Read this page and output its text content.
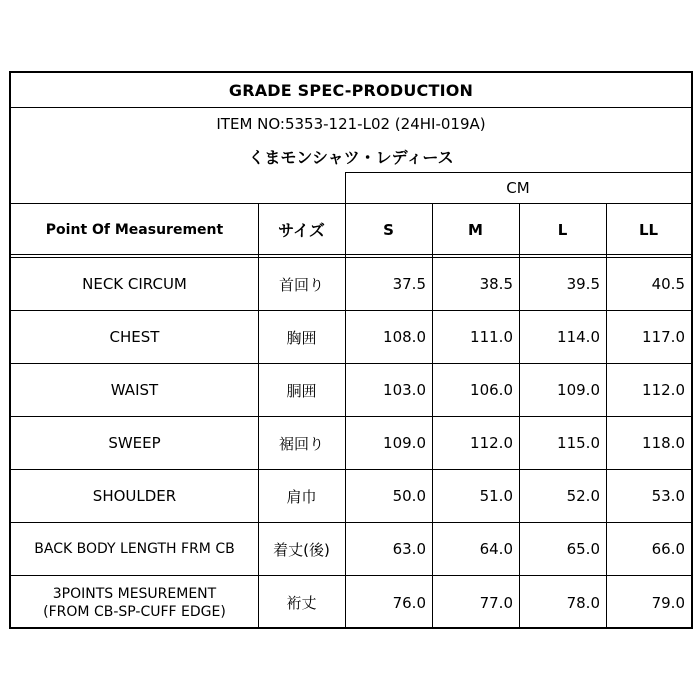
GRADE SPEC-PRODUCTION
ITEM NO:5353-121-L02 (24HI-019A)
くまモンシャツ・レディース
CM
Point Of Measurement	サイズ	S	M	L	LL
NECK CIRCUM	首回り	37.5	38.5	39.5	40.5
CHEST	胸囲	108.0	111.0	114.0	117.0
WAIST	胴囲	103.0	106.0	109.0	112.0
SWEEP	裾回り	109.0	112.0	115.0	118.0
SHOULDER	肩巾	50.0	51.0	52.0	53.0
BACK BODY LENGTH FRM CB	着丈(後)	63.0	64.0	65.0	66.0
3POINTS MESUREMENT
(FROM CB-SP-CUFF EDGE)	裄丈	76.0	77.0	78.0	79.0
